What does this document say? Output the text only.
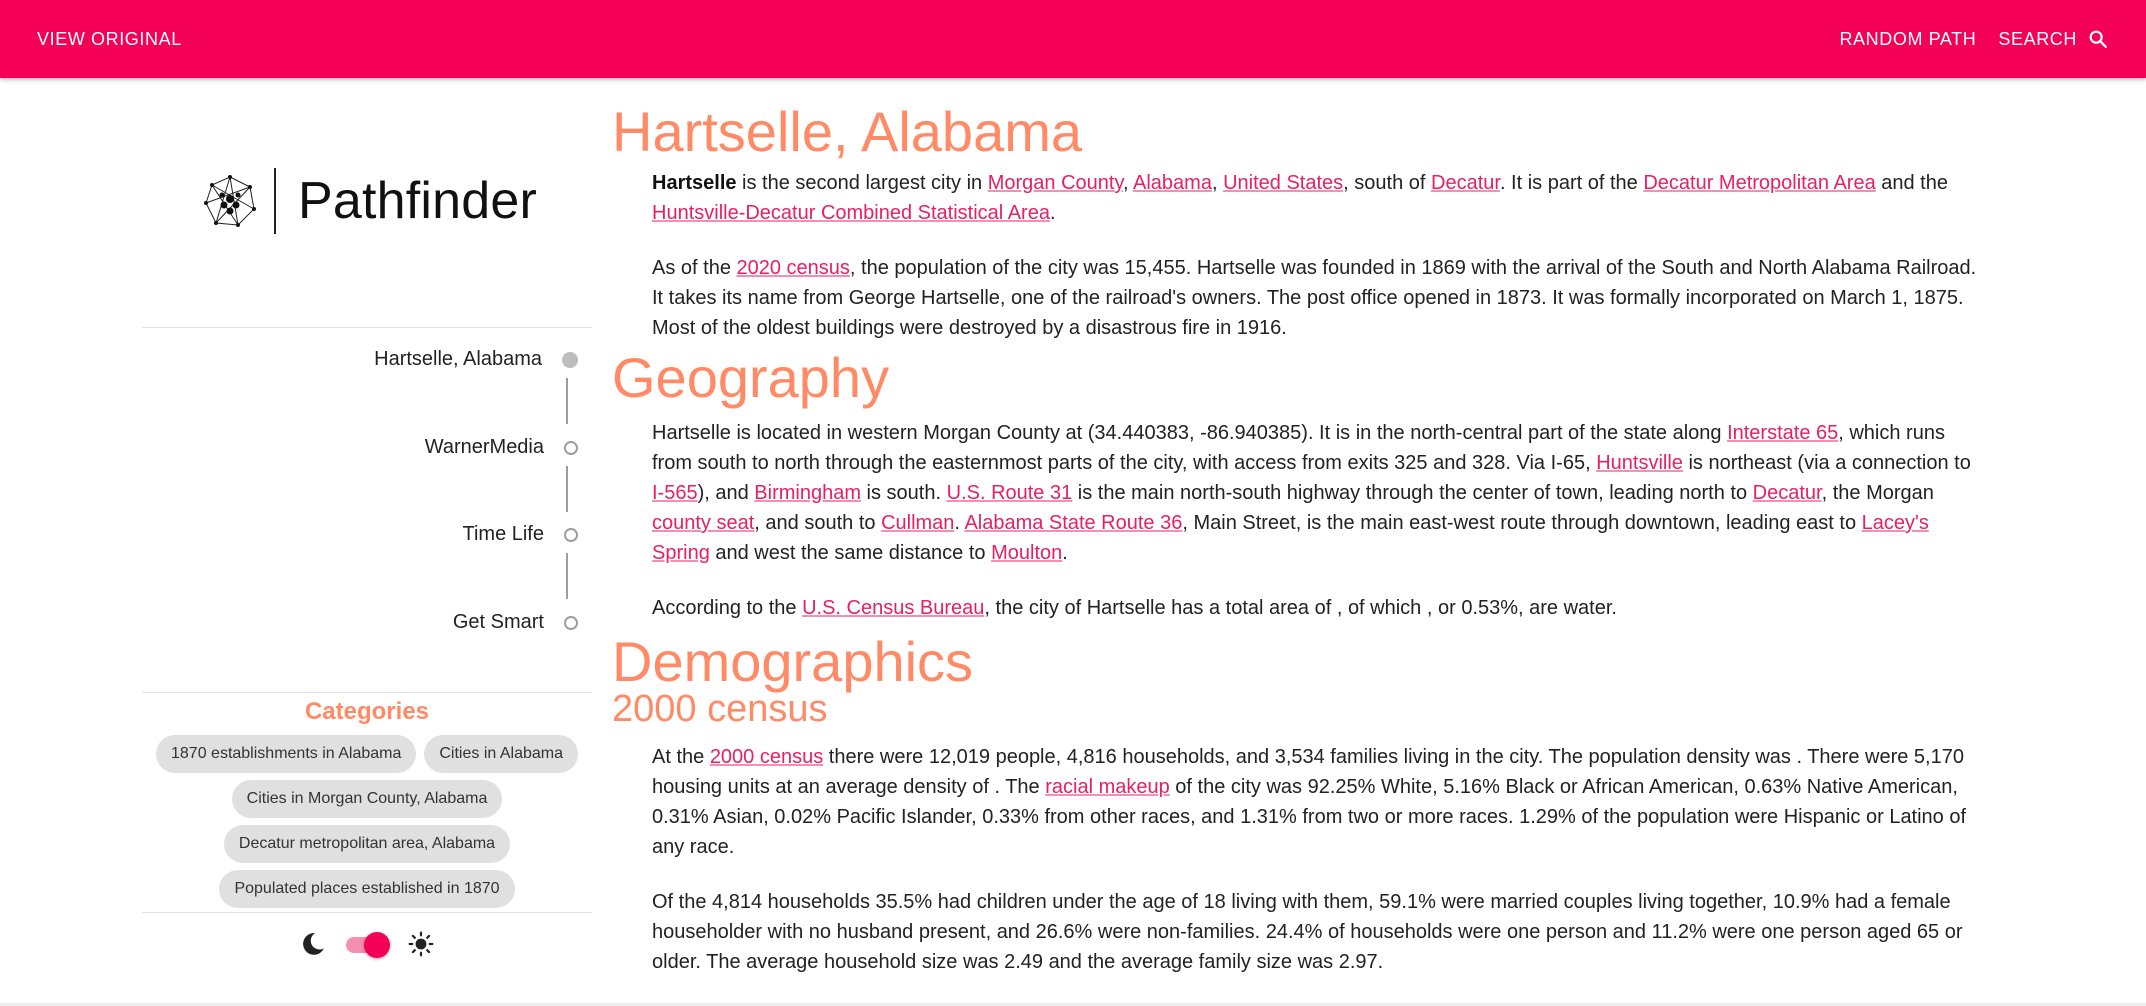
VIEW ORIGINAL	RANDOM PATH SEARCH
Pathfinder
Hartselle, Alabama
WarnerMedia
Time Life
Get Smart
Categories
1870 establishments in Alabama	Cities in Alabama
Cities in Morgan County, Alabama
Decatur metropolitan area, Alabama
Populated places established in 1870
Hartselle, Alabama

Hartselle is the second largest city in Morgan County, Alabama, United States, south of Decatur. It is part of the Decatur Metropolitan Area and the Huntsville-Decatur Combined Statistical Area.

As of the 2020 census, the population of the city was 15,455. Hartselle was founded in 1869 with the arrival of the South and North Alabama Railroad. It takes its name from George Hartselle, one of the railroad's owners. The post office opened in 1873. It was formally incorporated on March 1, 1875. Most of the oldest buildings were destroyed by a disastrous fire in 1916.

Geography

Hartselle is located in western Morgan County at (34.440383, -86.940385). It is in the north-central part of the state along Interstate 65, which runs from south to north through the easternmost parts of the city, with access from exits 325 and 328. Via I-65, Huntsville is northeast (via a connection to I-565), and Birmingham is south. U.S. Route 31 is the main north-south highway through the center of town, leading north to Decatur, the Morgan county seat, and south to Cullman. Alabama State Route 36, Main Street, is the main east-west route through downtown, leading east to Lacey's Spring and west the same distance to Moulton.

According to the U.S. Census Bureau, the city of Hartselle has a total area of , of which , or 0.53%, are water.

Demographics
2000 census

At the 2000 census there were 12,019 people, 4,816 households, and 3,534 families living in the city. The population density was . There were 5,170 housing units at an average density of . The racial makeup of the city was 92.25% White, 5.16% Black or African American, 0.63% Native American, 0.31% Asian, 0.02% Pacific Islander, 0.33% from other races, and 1.31% from two or more races. 1.29% of the population were Hispanic or Latino of any race.

Of the 4,814 households 35.5% had children under the age of 18 living with them, 59.1% were married couples living together, 10.9% had a female householder with no husband present, and 26.6% were non-families. 24.4% of households were one person and 11.2% were one person aged 65 or older. The average household size was 2.49 and the average family size was 2.97.
